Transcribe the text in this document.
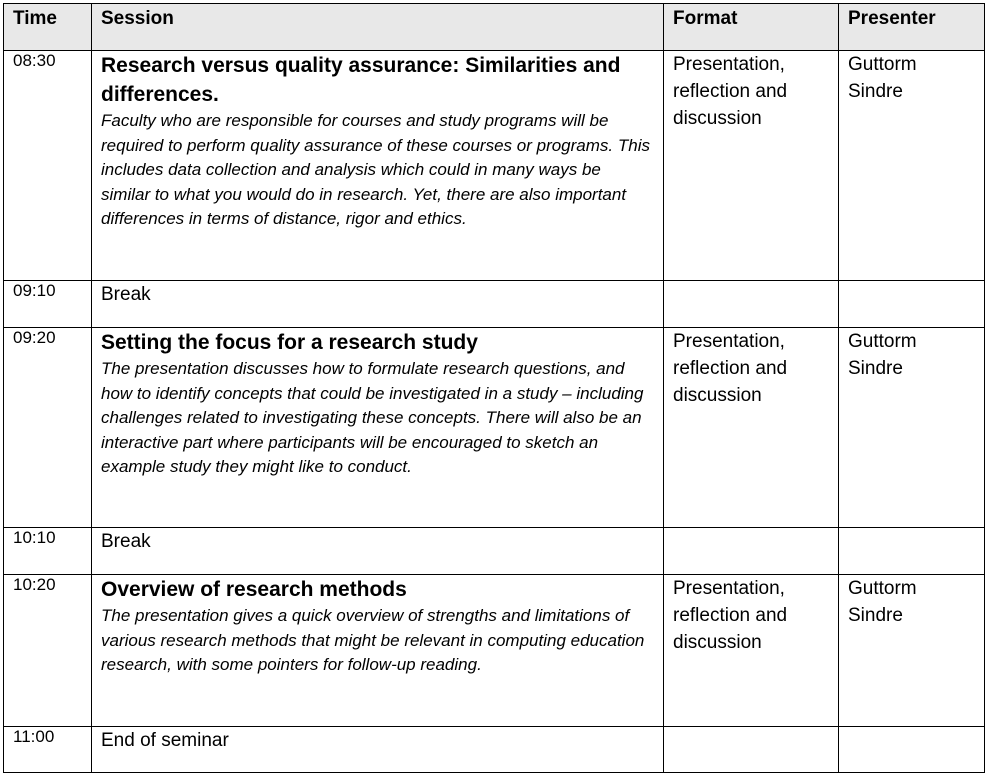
Time	Session	Format	Presenter
08:30	Research versus quality assurance: Similarities and differences.
Faculty who are responsible for courses and study programs will be required to perform quality assurance of these courses or programs. This includes data collection and analysis which could in many ways be similar to what you would do in research. Yet, there are also important differences in terms of distance, rigor and ethics.	Presentation, reflection and discussion	Guttorm Sindre
09:10	Break		

09:20	Setting the focus for a research study
The presentation discusses how to formulate research questions, and how to identify concepts that could be investigated in a study – including challenges related to investigating these concepts. There will also be an interactive part where participants will be encouraged to sketch an example study they might like to conduct.	Presentation, reflection and discussion	Guttorm Sindre
10:10	Break		

10:20	Overview of research methods
The presentation gives a quick overview of strengths and limitations of various research methods that might be relevant in computing education research, with some pointers for follow-up reading.	Presentation, reflection and discussion	Guttorm Sindre
11:00	End of seminar		
